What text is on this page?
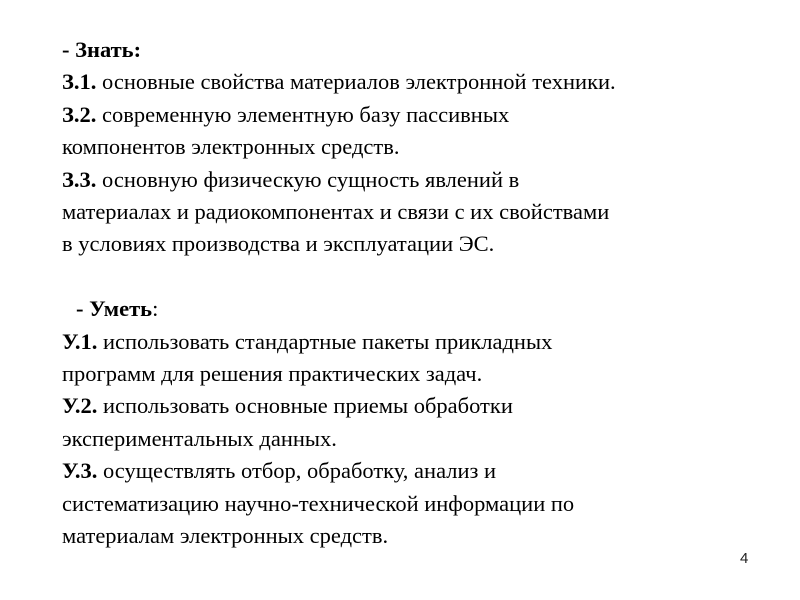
- Знать:
З.1. основные свойства материалов электронной техники.
З.2. современную элементную базу пассивных
компонентов электронных средств.
З.3. основную физическую сущность явлений в
материалах и радиокомпонентах и связи с их свойствами
в условиях производства и эксплуатации ЭС.
- Уметь:
У.1. использовать стандартные пакеты прикладных
программ для решения практических задач.
У.2. использовать основные приемы обработки
экспериментальных данных.
У.3. осуществлять отбор, обработку, анализ и
систематизацию научно-технической информации по
материалам электронных средств.
4
